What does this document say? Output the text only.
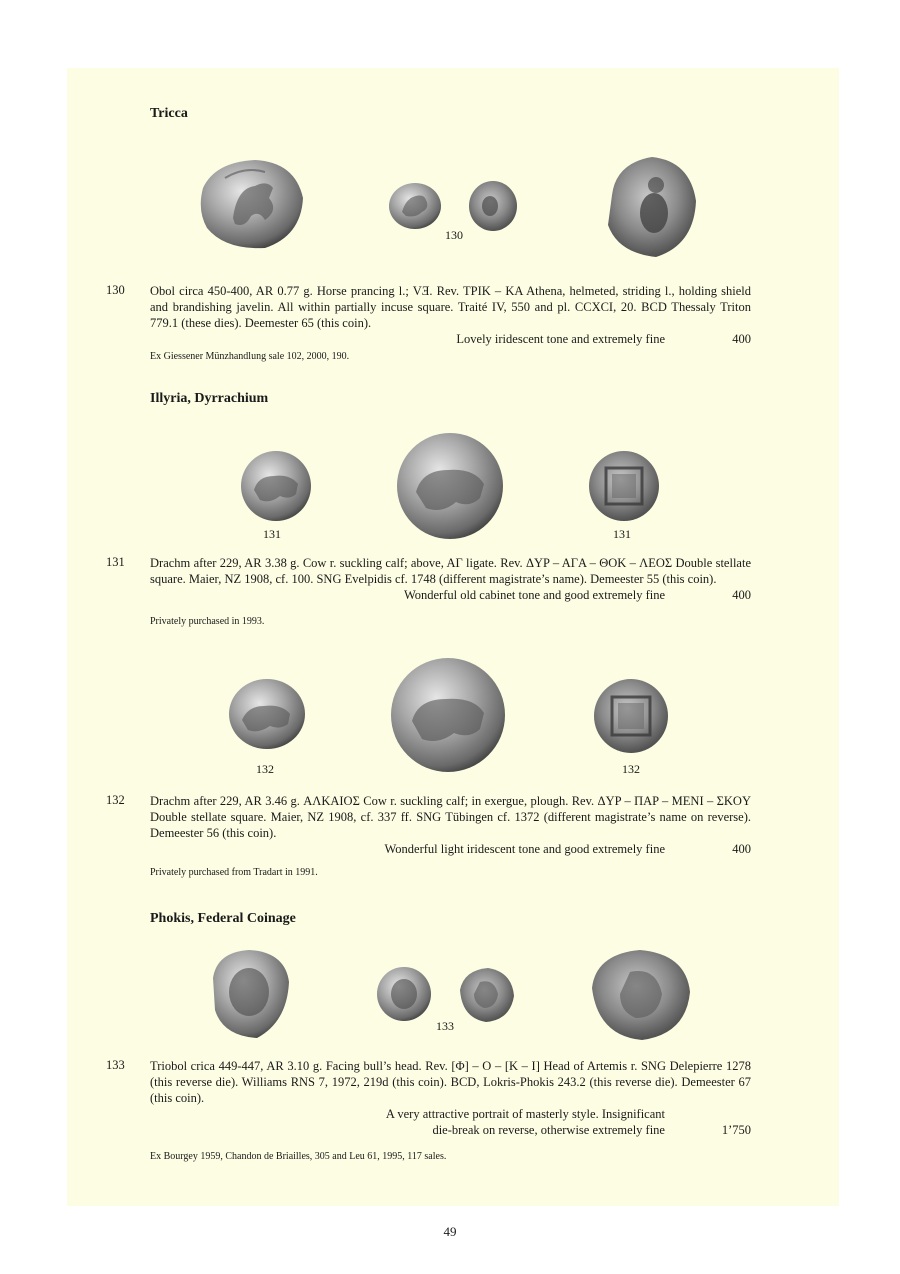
Tricca
130
130 Obol circa 450-400, AR 0.77 g. Horse prancing l.; VƎ. Rev. TPIK – KA Athena, helmeted, striding l., holding shield and brandishing javelin. All within partially incuse square. Traité IV, 550 and pl. CCXCI, 20. BCD Thessaly Triton 779.1 (these dies). Deemester 65 (this coin).
Lovely iridescent tone and extremely fine	400
Ex Giessener Münzhandlung sale 102, 2000, 190.
Illyria, Dyrrachium
131	131
131 Drachm after 229, AR 3.38 g. Cow r. suckling calf; above, AΓ ligate. Rev. ΔYP – AΓA – ΘOK – ΛEOΣ Double stellate square. Maier, NZ 1908, cf. 100. SNG Evelpidis cf. 1748 (different magistrate’s name). Demeester 55 (this coin).
Wonderful old cabinet tone and good extremely fine	400
Privately purchased in 1993.
132	132
132 Drachm after 229, AR 3.46 g. ΑΛΚΑΙΟΣ Cow r. suckling calf; in exergue, plough. Rev. ΔYP – ΠAP – MENI – ΣKOY Double stellate square. Maier, NZ 1908, cf. 337 ff. SNG Tübingen cf. 1372 (different magistrate’s name on reverse). Demeester 56 (this coin).
Wonderful light iridescent tone and good extremely fine	400
Privately purchased from Tradart in 1991.
Phokis, Federal Coinage
133
133 Triobol crica 449-447, AR 3.10 g. Facing bull’s head. Rev. [Φ] – O – [K – I] Head of Artemis r. SNG Delepierre 1278 (this reverse die). Williams RNS 7, 1972, 219d (this coin). BCD, Lokris-Phokis 243.2 (this reverse die). Demeester 67 (this coin).
A very attractive portrait of masterly style. Insignificant
die-break on reverse, otherwise extremely fine	1’750
Ex Bourgey 1959, Chandon de Briailles, 305 and Leu 61, 1995, 117 sales.
49
